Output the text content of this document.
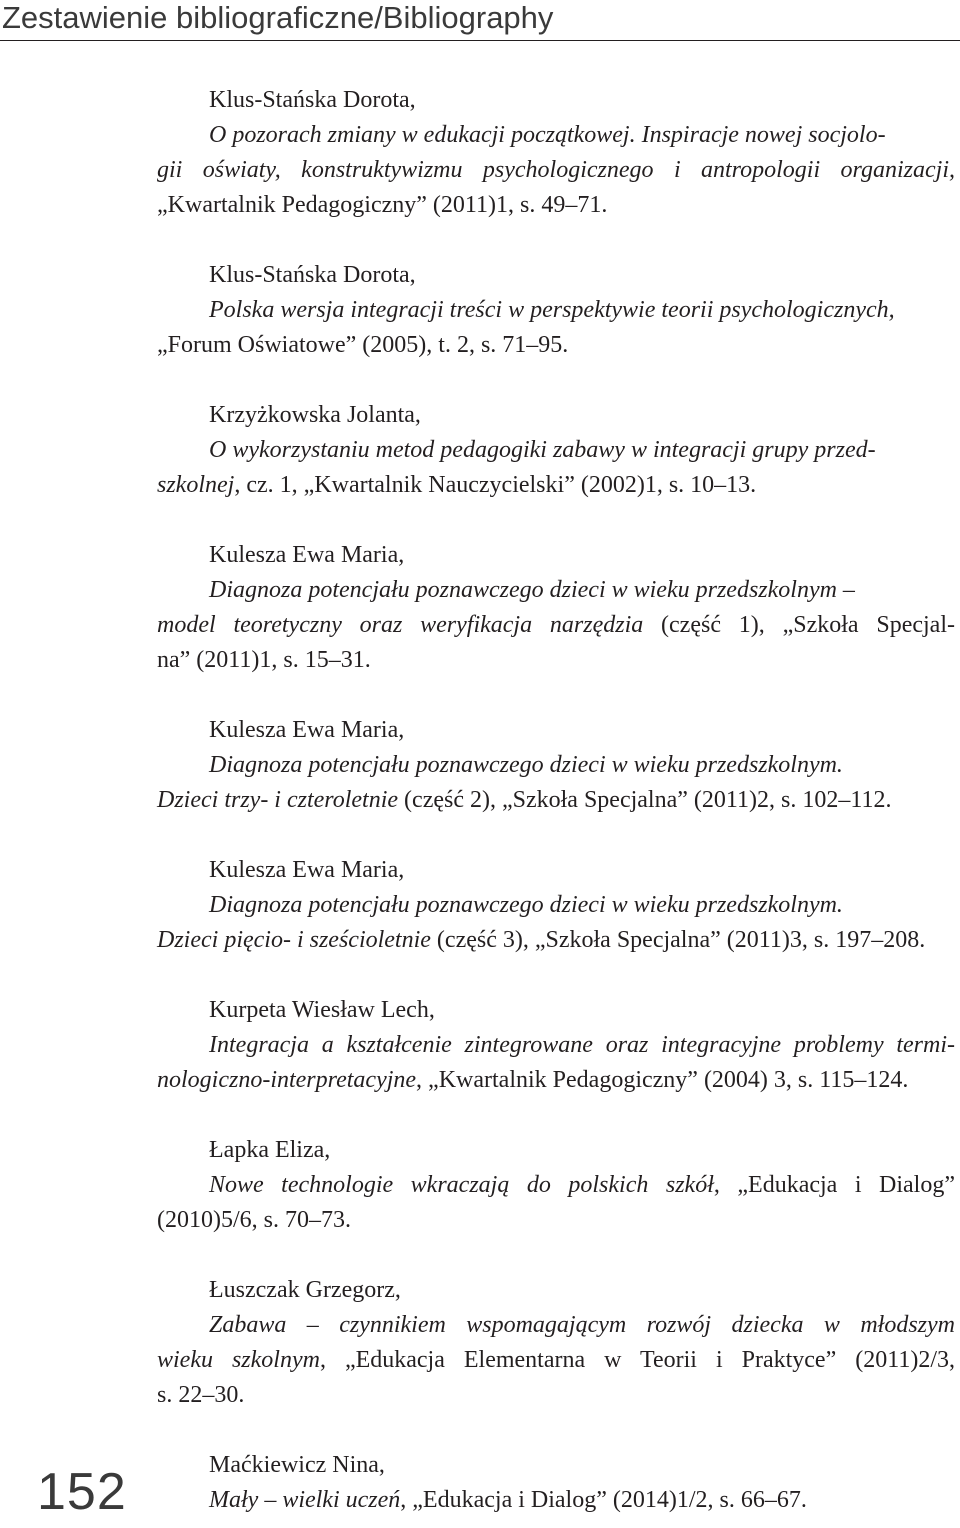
Zestawienie bibliograficzne/Bibliography
Klus-Stańska Dorota,
O pozorach zmiany w edukacji początkowej. Inspiracje nowej socjolo-
gii oświaty, konstruktywizmu psychologicznego i antropologii organizacji,
„Kwartalnik Pedagogiczny” (2011)1, s. 49–71.
Klus-Stańska Dorota,
Polska wersja integracji treści w perspektywie teorii psychologicznych,
„Forum Oświatowe” (2005), t. 2, s. 71–95.
Krzyżkowska Jolanta,
O wykorzystaniu metod pedagogiki zabawy w integracji grupy przed-
szkolnej, cz. 1, „Kwartalnik Nauczycielski” (2002)1, s. 10–13.
Kulesza Ewa Maria,
Diagnoza potencjału poznawczego dzieci w wieku przedszkolnym –
model teoretyczny oraz weryfikacja narzędzia (część 1), „Szkoła Specjal-
na” (2011)1, s. 15–31.
Kulesza Ewa Maria,
Diagnoza potencjału poznawczego dzieci w wieku przedszkolnym.
Dzieci trzy- i czteroletnie (część 2), „Szkoła Specjalna” (2011)2, s. 102–112.
Kulesza Ewa Maria,
Diagnoza potencjału poznawczego dzieci w wieku przedszkolnym.
Dzieci pięcio- i sześcioletnie (część 3), „Szkoła Specjalna” (2011)3, s. 197–208.
Kurpeta Wiesław Lech,
Integracja a kształcenie zintegrowane oraz integracyjne problemy termi-
nologiczno-interpretacyjne, „Kwartalnik Pedagogiczny” (2004) 3, s. 115–124.
Łapka Eliza,
Nowe technologie wkraczają do polskich szkół, „Edukacja i Dialog”
(2010)5/6, s. 70–73.
Łuszczak Grzegorz,
Zabawa – czynnikiem wspomagającym rozwój dziecka w młodszym
wieku szkolnym, „Edukacja Elementarna w Teorii i Praktyce” (2011)2/3,
s. 22–30.
Maćkiewicz Nina,
Mały – wielki uczeń, „Edukacja i Dialog” (2014)1/2, s. 66–67.
152
